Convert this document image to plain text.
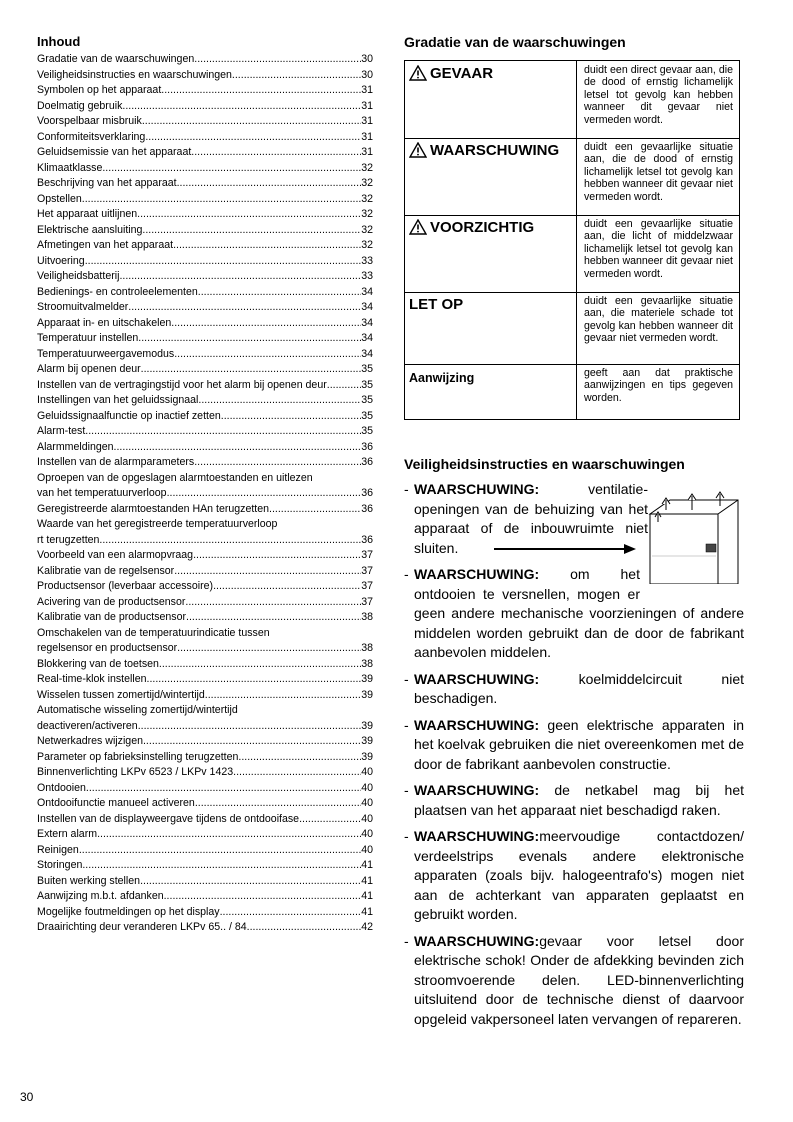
Inhoud
Gradatie van de waarschuwingen .....	30
Veiligheidsinstructies en waarschuwingen .....	30
Symbolen op het apparaat .....	31
Doelmatig gebruik .....	31
Voorspelbaar misbruik .....	31
Conformiteitsverklaring .....	31
Geluidsemissie van het apparaat .....	31
Klimaatklasse .....	32
Beschrijving van het apparaat .....	32
Opstellen .....	32
Het apparaat uitlijnen .....	32
Elektrische aansluiting .....	32
Afmetingen van het apparaat .....	32
Uitvoering .....	33
Veiligheidsbatterij .....	33
Bedienings- en controleelementen .....	34
Stroomuitvalmelder .....	34
Apparaat in- en uitschakelen .....	34
Temperatuur instellen .....	34
Temperatuurweergavemodus .....	34
Alarm bij openen deur .....	35
Instellen van de vertragingstijd voor het alarm bij openen deur .....	35
Instellingen van het geluidssignaal .....	35
Geluidssignaalfunctie op inactief zetten .....	35
Alarm-test .....	35
Alarmmeldingen .....	36
Instellen van de alarmparameters .....	36
Oproepen van de opgeslagen alarmtoestanden en uitlezen
van het temperatuurverloop .....	36
Geregistreerde alarmtoestanden HAn terugzetten .....	36
Waarde van het geregistreerde temperatuurverloop
rt terugzetten .....	36
Voorbeeld van een alarmopvraag .....	37
Kalibratie van de regelsensor .....	37
Productsensor (leverbaar accessoire) .....	37
Acivering van de productsensor .....	37
Kalibratie van de productsensor .....	38
Omschakelen van de temperatuurindicatie tussen
regelsensor en productsensor .....	38
Blokkering van de toetsen .....	38
Real-time-klok instellen .....	39
Wisselen tussen zomertijd/wintertijd .....	39
Automatische wisseling zomertijd/wintertijd
deactiveren/activeren .....	39
Netwerkadres wijzigen .....	39
Parameter op fabrieksinstelling terugzetten .....	39
Binnenverlichting LKPv 6523 / LKPv 1423 .....	40
Ontdooien .....	40
Ontdooifunctie manueel activeren .....	40
Instellen van de displayweergave tijdens de ontdooifase .....	40
Extern alarm .....	40
Reinigen .....	40
Storingen .....	41
Buiten werking stellen .....	41
Aanwijzing m.b.t. afdanken .....	41
Mogelijke foutmeldingen op het display .....	41
Draairichting deur veranderen LKPv 65.. / 84.. .....	42
Gradatie van de waarschuwingen
GEVAAR	duidt een direct gevaar aan, die de dood of ernstig lichamelijk letsel tot gevolg kan hebben wanneer dit gevaar niet vermeden wordt.
WAARSCHUWING	duidt een gevaarlijke situatie aan, die de dood of ernstig lichamelijk letsel tot gevolg kan hebben wanneer dit gevaar niet vermeden wordt.
VOORZICHTIG	duidt een gevaarlijke situatie aan, die licht of middelzwaar lichamelijk letsel tot gevolg kan hebben wanneer dit gevaar niet vermeden wordt.
LET OP	duidt een gevaarlijke situatie aan, die materiele schade tot gevolg kan hebben wanneer dit gevaar niet vermeden wordt.
Aanwijzing	geeft aan dat praktische aanwijzingen en tips gegeven worden.
Veiligheidsinstructies en waarschuwingen
- WAARSCHUWING: ventilatie-openingen van de behuizing van het apparaat of de inbouwruimte niet sluiten.
- WAARSCHUWING: om het ontdooien te versnellen, mogen er geen andere mechanische voorzieningen of andere middelen worden gebruikt dan de door de fabrikant aanbevolen middelen.
- WAARSCHUWING: koelmiddelcircuit niet beschadigen.
- WAARSCHUWING: geen elektrische apparaten in het koelvak gebruiken die niet overeenkomen met de door de fabrikant aanbevolen constructie.
- WAARSCHUWING: de netkabel mag bij het plaatsen van het apparaat niet beschadigd raken.
- WAARSCHUWING:meervoudige contactdozen/ verdeelstrips evenals andere elektronische apparaten (zoals bijv. halogeentrafo's) mogen niet aan de achterkant van apparaten geplaatst en gebruikt worden.
- WAARSCHUWING:gevaar voor letsel door elektrische schok! Onder de afdekking bevinden zich stroomvoerende delen. LED-binnenverlichting uitsluitend door de technische dienst of daarvoor opgeleid vakpersoneel laten vervangen of repareren.
30
